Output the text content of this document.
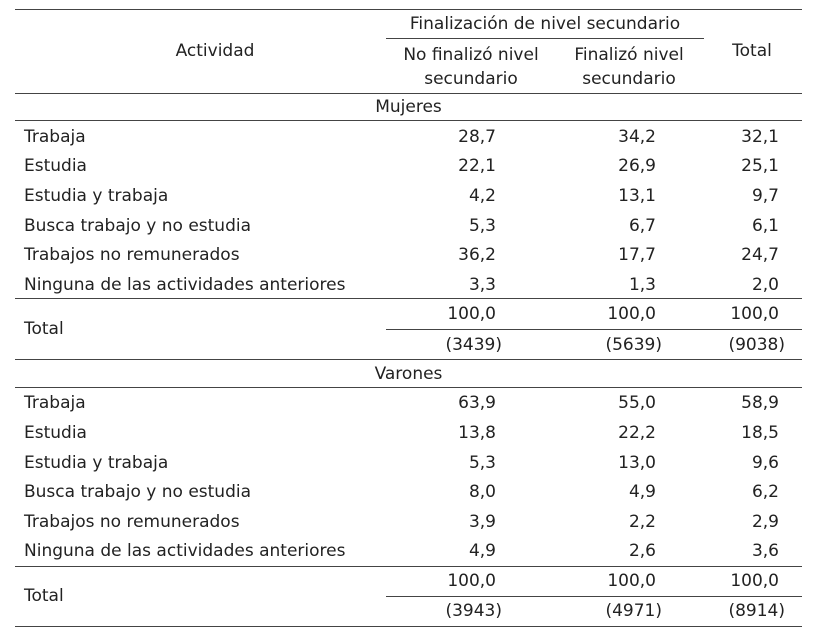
Actividad
Finalización de nivel secundario
No finalizó nivel
secundario
Finalizó nivel
secundario
Total
Mujeres
Trabaja	28,7	34,2	32,1
Estudia	22,1	26,9	25,1
Estudia y trabaja	4,2	13,1	9,7
Busca trabajo y no estudia	5,3	6,7	6,1
Trabajos no remunerados	36,2	17,7	24,7
Ninguna de las actividades anteriores	3,3	1,3	2,0
Total
100,0	100,0	100,0
(3439)	(5639)	(9038)
Varones
Trabaja	63,9	55,0	58,9
Estudia	13,8	22,2	18,5
Estudia y trabaja	5,3	13,0	9,6
Busca trabajo y no estudia	8,0	4,9	6,2
Trabajos no remunerados	3,9	2,2	2,9
Ninguna de las actividades anteriores	4,9	2,6	3,6
Total
100,0	100,0	100,0
(3943)	(4971)	(8914)
